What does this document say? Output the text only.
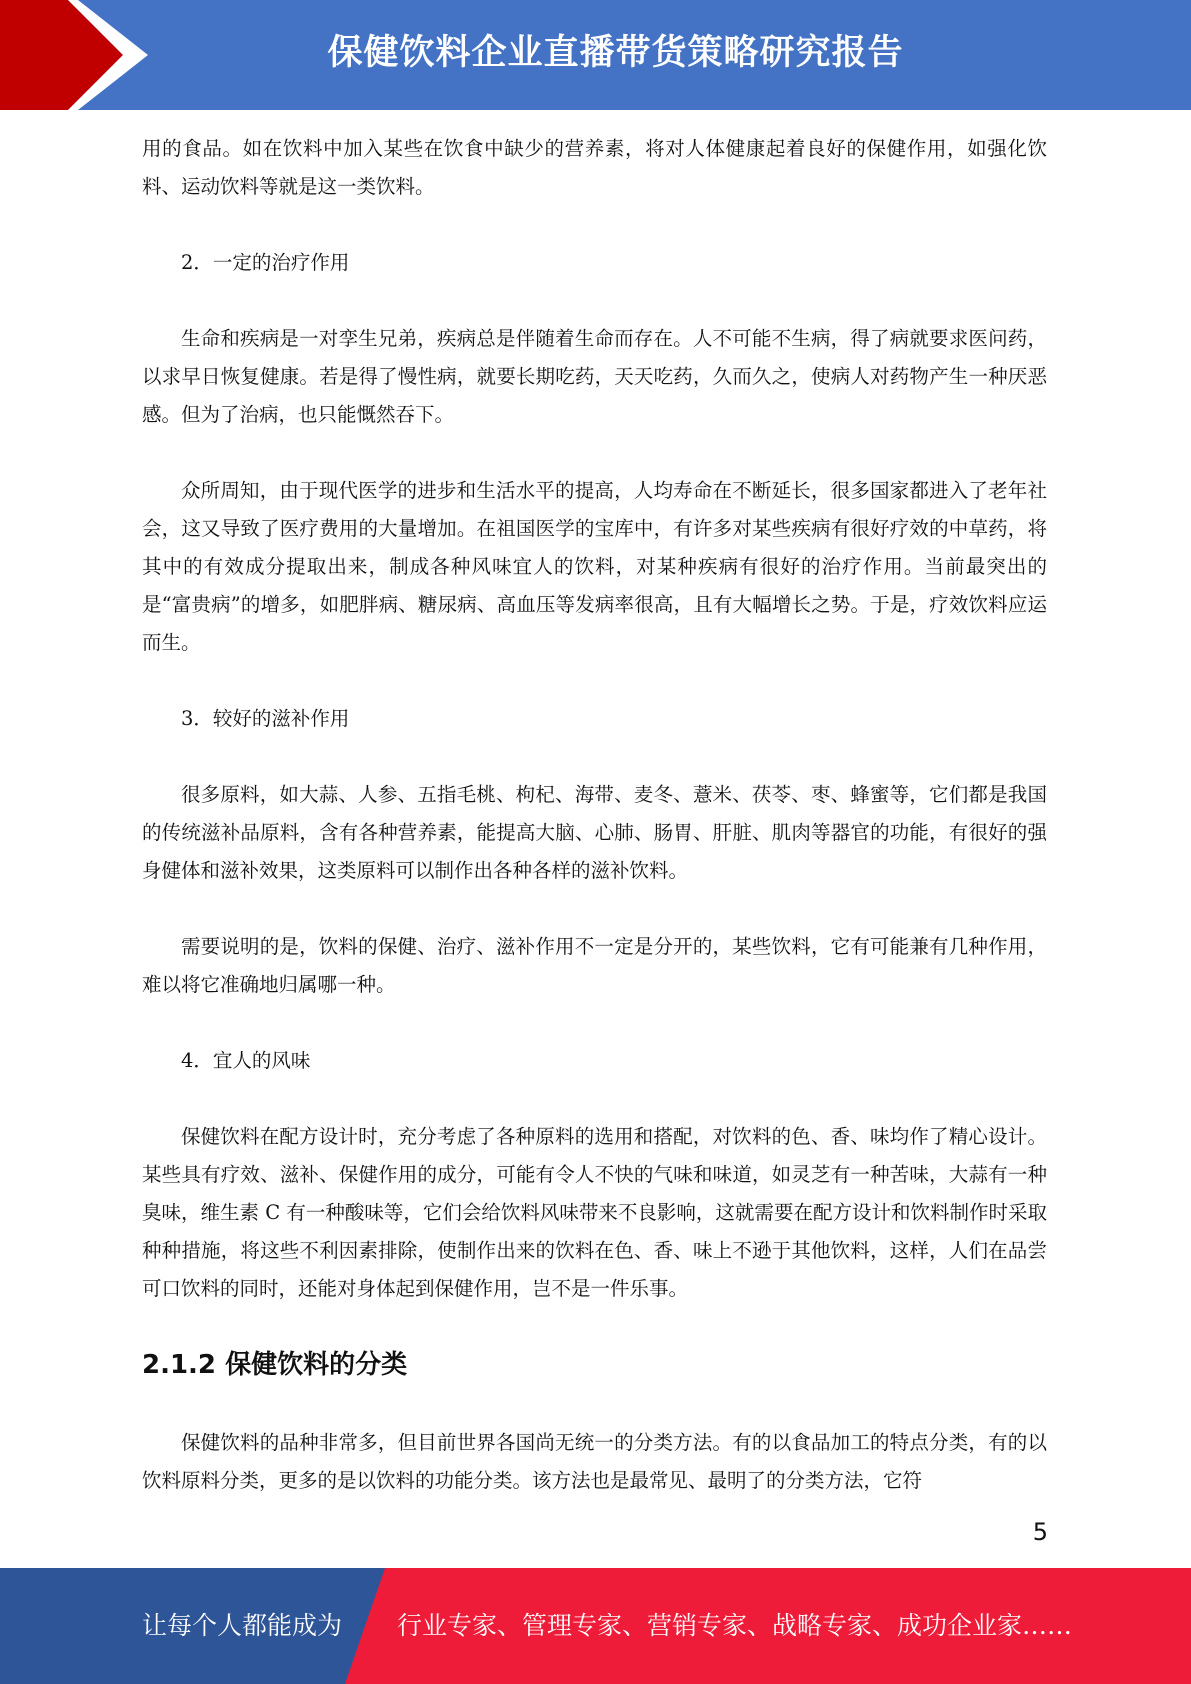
保健饮料企业直播带货策略研究报告

用的食品。如在饮料中加入某些在饮食中缺少的营养素，将对人体健康起着良好的保健作用，如强化饮料、运动饮料等就是这一类饮料。

2．一定的治疗作用

生命和疾病是一对孪生兄弟，疾病总是伴随着生命而存在。人不可能不生病，得了病就要求医问药，以求早日恢复健康。若是得了慢性病，就要长期吃药，天天吃药，久而久之，使病人对药物产生一种厌恶感。但为了治病，也只能慨然吞下。

众所周知，由于现代医学的进步和生活水平的提高，人均寿命在不断延长，很多国家都进入了老年社会，这又导致了医疗费用的大量增加。在祖国医学的宝库中，有许多对某些疾病有很好疗效的中草药，将其中的有效成分提取出来，制成各种风味宜人的饮料，对某种疾病有很好的治疗作用。当前最突出的是“富贵病”的增多，如肥胖病、糖尿病、高血压等发病率很高，且有大幅增长之势。于是，疗效饮料应运而生。

3．较好的滋补作用

很多原料，如大蒜、人参、五指毛桃、枸杞、海带、麦冬、薏米、茯苓、枣、蜂蜜等，它们都是我国的传统滋补品原料，含有各种营养素，能提高大脑、心肺、肠胃、肝脏、肌肉等器官的功能，有很好的强身健体和滋补效果，这类原料可以制作出各种各样的滋补饮料。

需要说明的是，饮料的保健、治疗、滋补作用不一定是分开的，某些饮料，它有可能兼有几种作用，难以将它准确地归属哪一种。

4．宜人的风味

保健饮料在配方设计时，充分考虑了各种原料的选用和搭配，对饮料的色、香、味均作了精心设计。某些具有疗效、滋补、保健作用的成分，可能有令人不快的气味和味道，如灵芝有一种苦味，大蒜有一种臭味，维生素 C 有一种酸味等，它们会给饮料风味带来不良影响，这就需要在配方设计和饮料制作时采取种种措施，将这些不利因素排除，使制作出来的饮料在色、香、味上不逊于其他饮料，这样，人们在品尝可口饮料的同时，还能对身体起到保健作用，岂不是一件乐事。

2.1.2 保健饮料的分类

保健饮料的品种非常多，但目前世界各国尚无统一的分类方法。有的以食品加工的特点分类，有的以饮料原料分类，更多的是以饮料的功能分类。该方法也是最常见、最明了的分类方法，它符

5
让每个人都能成为 行业专家、管理专家、营销专家、战略专家、成功企业家……
